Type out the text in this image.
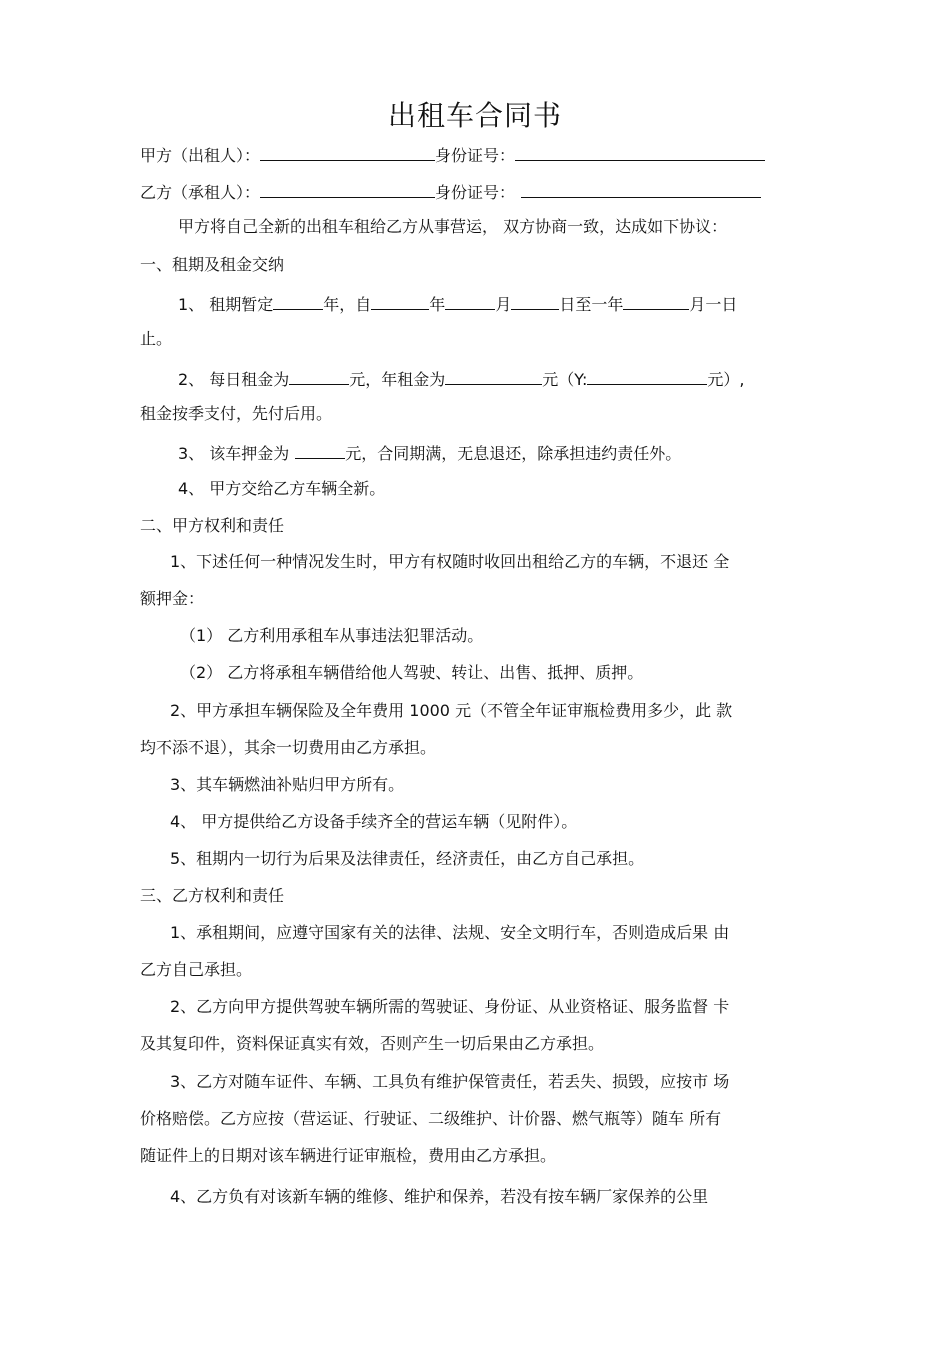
出租车合同书
甲方（出租人）：	身份证号：
乙方（承租人）：	身份证号：
甲方将自己全新的出租车租给乙方从事营运， 双方协商一致，达成如下协议：
一、租期及租金交纳
1、 租期暂定	年，自	年	月	日至一年	月一日
止。
2、 每日租金为	元，年租金为	元（Y:	元）,
租金按季支付，先付后用。
3、 该车押金为	元，合同期满，无息退还，除承担违约责任外。
4、 甲方交给乙方车辆全新。
二、甲方权利和责任
1、下述任何一种情况发生时，甲方有权随时收回出租给乙方的车辆，不退还 全
额押金：
（1） 乙方利用承租车从事违法犯罪活动。
（2） 乙方将承租车辆借给他人驾驶、转让、出售、抵押、质押。
2、甲方承担车辆保险及全年费用 1000 元（不管全年证审瓶检费用多少，此 款
均不添不退），其余一切费用由乙方承担。
3、其车辆燃油补贴归甲方所有。
4、 甲方提供给乙方设备手续齐全的营运车辆（见附件）。
5、租期内一切行为后果及法律责任，经济责任，由乙方自己承担。
三、乙方权利和责任
1、承租期间，应遵守国家有关的法律、法规、安全文明行车，否则造成后果 由
乙方自己承担。
2、乙方向甲方提供驾驶车辆所需的驾驶证、身份证、从业资格证、服务监督 卡
及其复印件，资料保证真实有效，否则产生一切后果由乙方承担。
3、乙方对随车证件、车辆、工具负有维护保管责任，若丢失、损毁，应按市 场
价格赔偿。乙方应按（营运证、行驶证、二级维护、计价器、燃气瓶等）随车 所有
随证件上的日期对该车辆进行证审瓶检，费用由乙方承担。
4、乙方负有对该新车辆的维修、维护和保养，若没有按车辆厂家保养的公里
